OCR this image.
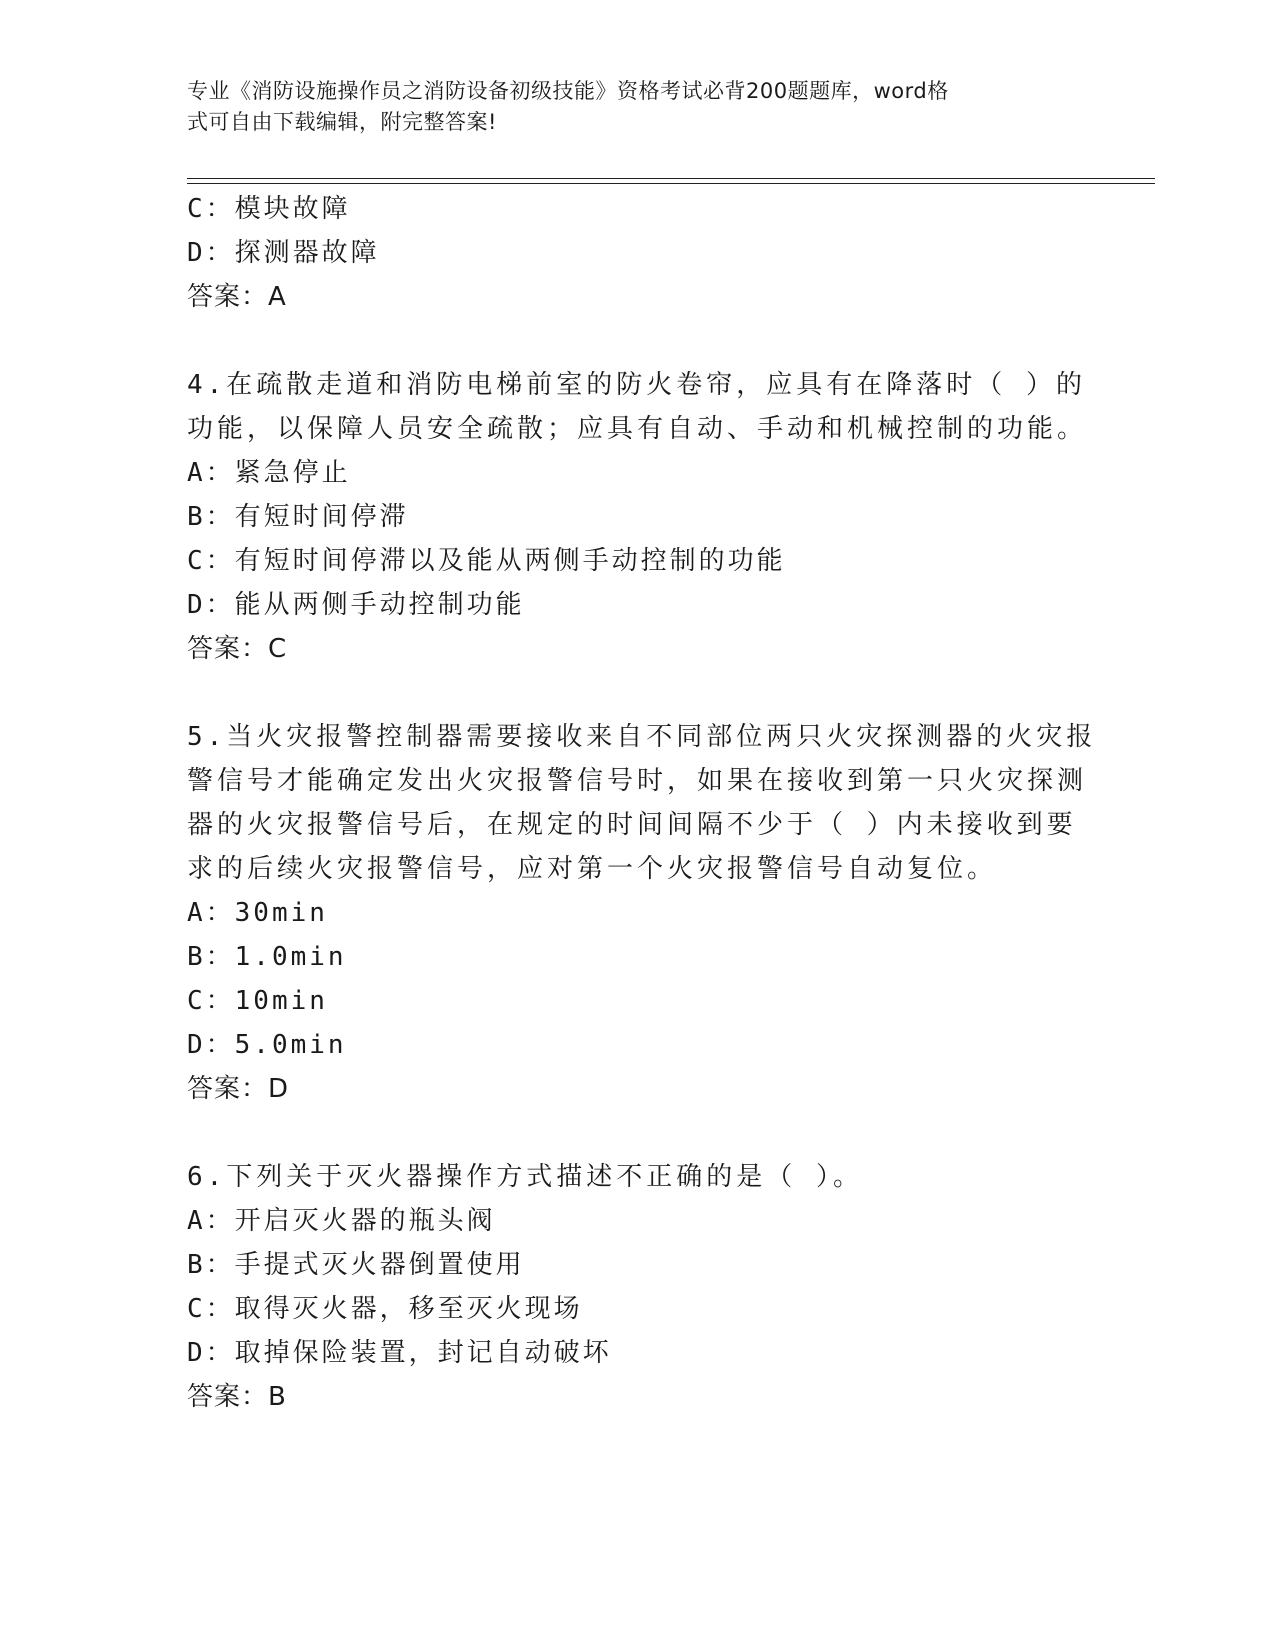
专业《消防设施操作员之消防设备初级技能》资格考试必背200题题库，word格
式可自由下载编辑，附完整答案!
C：模块故障
D：探测器故障
答案：A
4.在疏散走道和消防电梯前室的防火卷帘，应具有在降落时（ ）的
功能，以保障人员安全疏散；应具有自动、手动和机械控制的功能。
A：紧急停止
B：有短时间停滞
C：有短时间停滞以及能从两侧手动控制的功能
D：能从两侧手动控制功能
答案：C
5.当火灾报警控制器需要接收来自不同部位两只火灾探测器的火灾报
警信号才能确定发出火灾报警信号时，如果在接收到第一只火灾探测
器的火灾报警信号后，在规定的时间间隔不少于（ ）内未接收到要
求的后续火灾报警信号，应对第一个火灾报警信号自动复位。
A：30min
B：1.0min
C：10min
D：5.0min
答案：D
6.下列关于灭火器操作方式描述不正确的是（ ）。
A：开启灭火器的瓶头阀
B：手提式灭火器倒置使用
C：取得灭火器，移至灭火现场
D：取掉保险装置，封记自动破坏
答案：B
